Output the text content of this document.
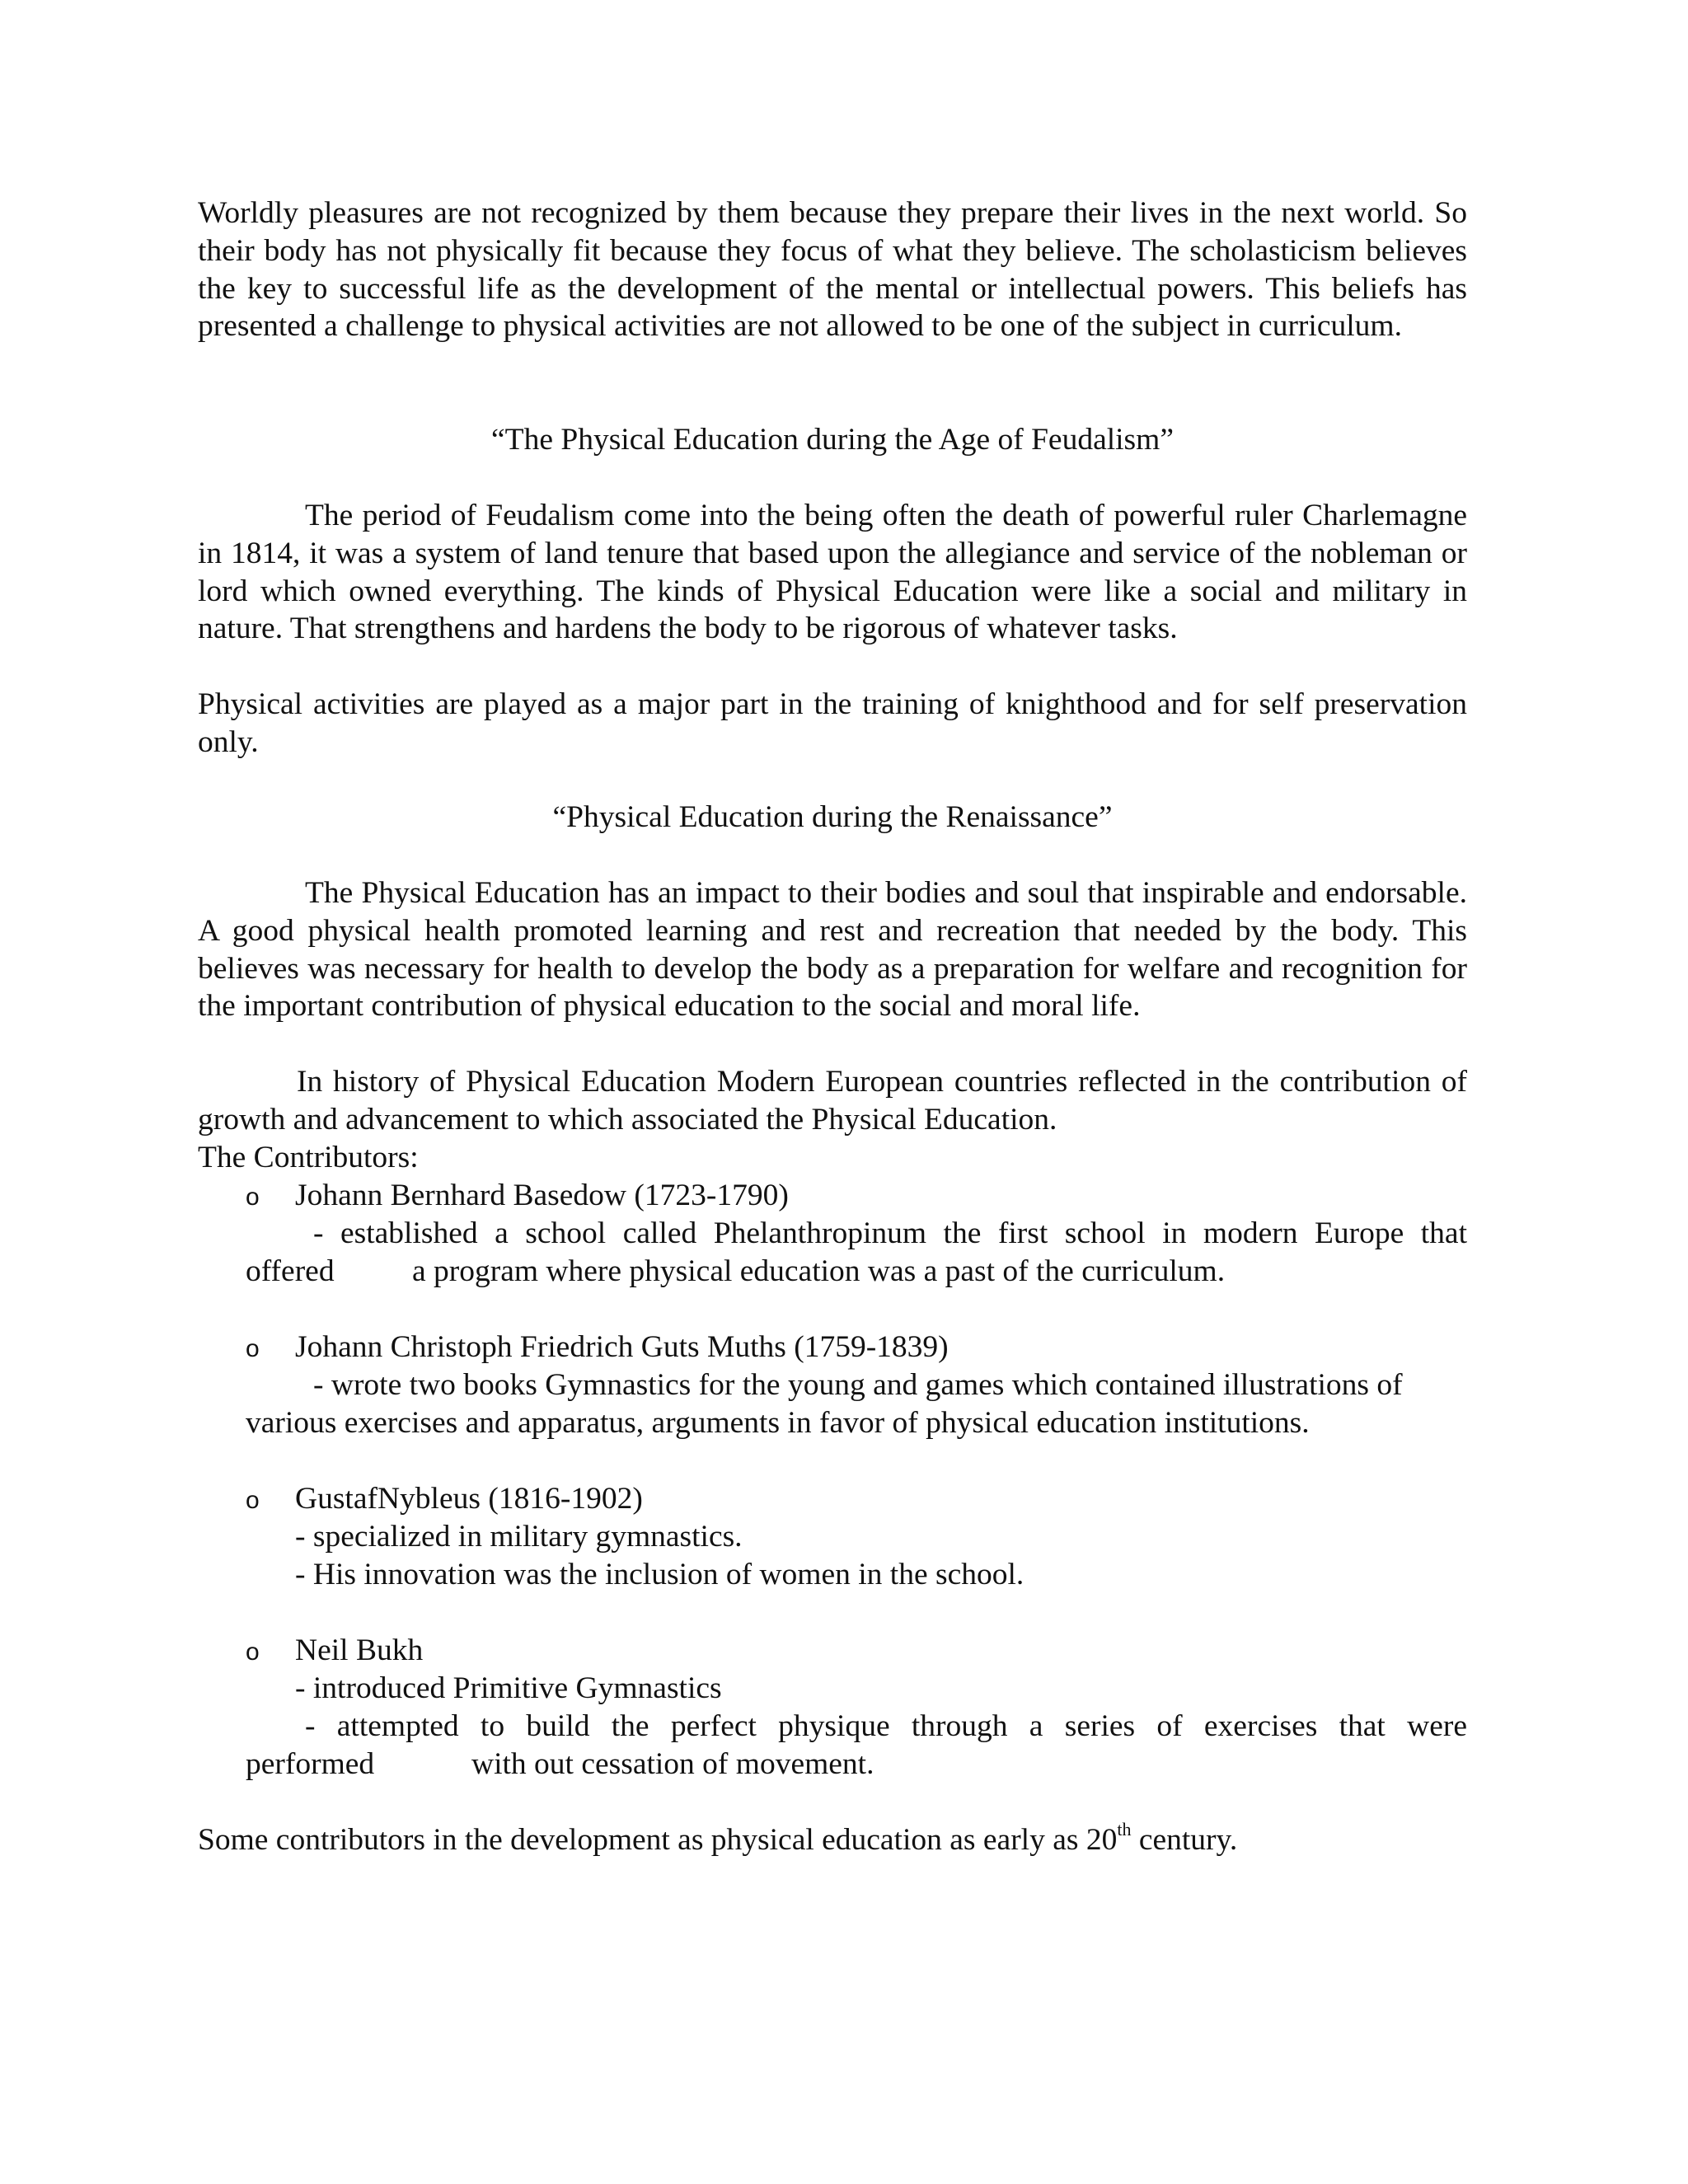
Worldly pleasures are not recognized by them because they prepare their lives in the next world. So their body has not physically fit because they focus of what they believe. The scholasticism believes the key to successful life as the development of the mental or intellectual powers. This beliefs has presented a challenge to physical activities are not allowed to be one of the subject in curriculum.

“The Physical Education during the Age of Feudalism”

The period of Feudalism come into the being often the death of powerful ruler Charlemagne in 1814, it was a system of land tenure that based upon the allegiance and service of the nobleman or lord which owned everything. The kinds of Physical Education were like a social and military in nature. That strengthens and hardens the body to be rigorous of whatever tasks.

Physical activities are played as a major part in the training of knighthood and for self preservation only.

“Physical Education during the Renaissance”

The Physical Education has an impact to their bodies and soul that inspirable and endorsable. A good physical health promoted learning and rest and recreation that needed by the body. This believes was necessary for health to develop the body as a preparation for welfare and recognition for the important contribution of physical education to the social and moral life.

In history of Physical Education Modern European countries reflected in the contribution of growth and advancement to which associated the Physical Education.

The Contributors:

o Johann Bernhard Basedow (1723-1790)

- established a school called Phelanthropinum the first school in modern Europe that

offered	a program where physical education was a past of the curriculum.

o Johann Christoph Friedrich Guts Muths (1759-1839)

- wrote two books Gymnastics for the young and games which contained illustrations of

various exercises and apparatus, arguments in favor of physical education institutions.

o GustafNybleus (1816-1902)

- specialized in military gymnastics.

- His innovation was the inclusion of women in the school.

o Neil Bukh

- introduced Primitive Gymnastics

- attempted to build the perfect physique through a series of exercises that were

performed	with out cessation of movement.

Some contributors in the development as physical education as early as 20th century.
